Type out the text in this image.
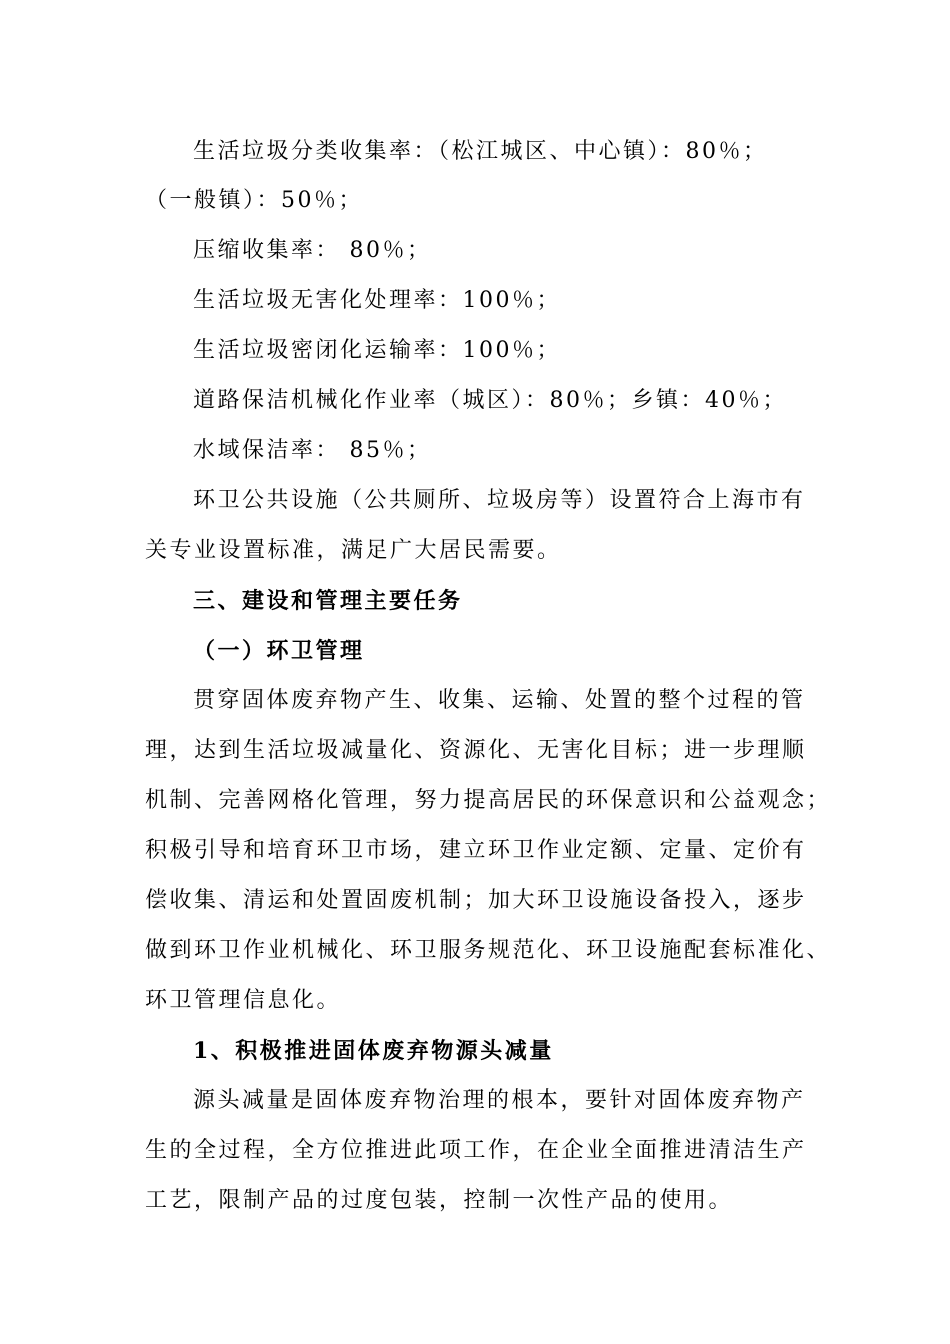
生活垃圾分类收集率：（松江城区、中心镇）：80％；
（一般镇）：50％；
压缩收集率： 80％；
生活垃圾无害化处理率：100％；
生活垃圾密闭化运输率：100％；
道路保洁机械化作业率（城区）：80％；乡镇：40％；
水域保洁率： 85％；
环卫公共设施（公共厕所、垃圾房等）设置符合上海市有
关专业设置标准，满足广大居民需要。
三、建设和管理主要任务
（一）环卫管理
贯穿固体废弃物产生、收集、运输、处置的整个过程的管
理，达到生活垃圾减量化、资源化、无害化目标；进一步理顺
机制、完善网格化管理，努力提高居民的环保意识和公益观念；
积极引导和培育环卫市场，建立环卫作业定额、定量、定价有
偿收集、清运和处置固废机制；加大环卫设施设备投入，逐步
做到环卫作业机械化、环卫服务规范化、环卫设施配套标准化、
环卫管理信息化。
1、积极推进固体废弃物源头减量
源头减量是固体废弃物治理的根本，要针对固体废弃物产
生的全过程，全方位推进此项工作，在企业全面推进清洁生产
工艺，限制产品的过度包装，控制一次性产品的使用。
